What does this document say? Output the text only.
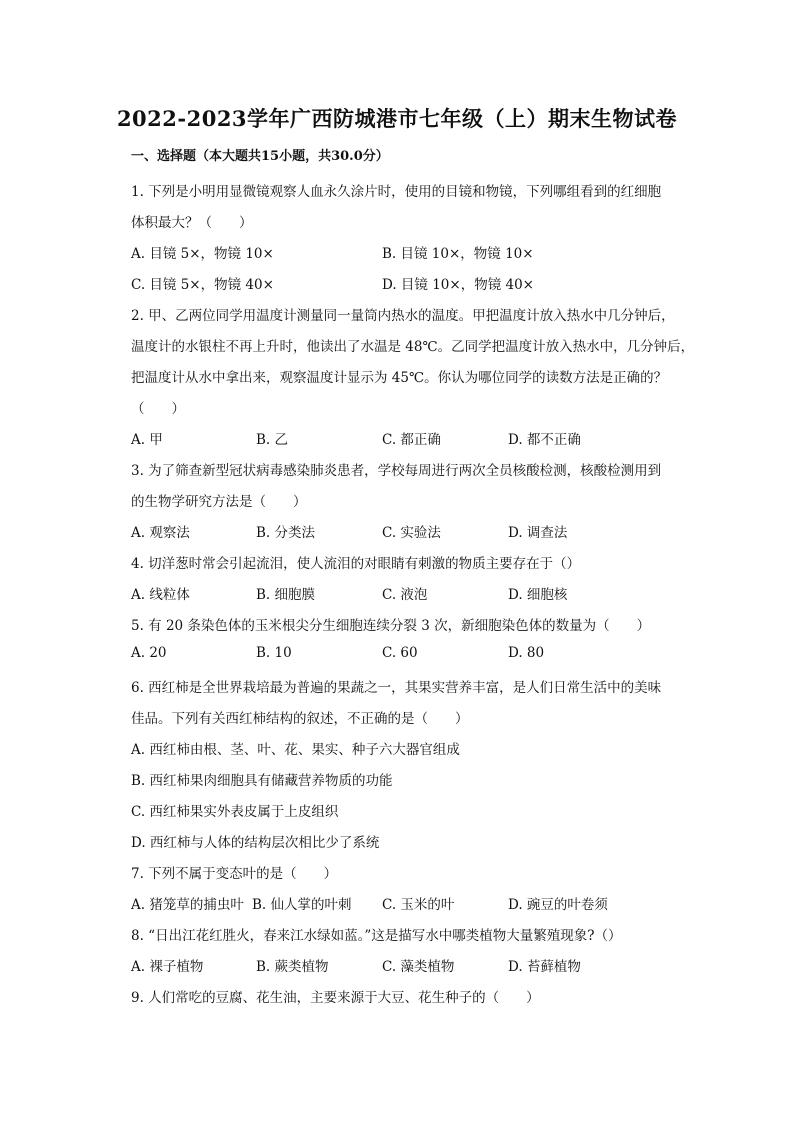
2022-2023学年广西防城港市七年级（上）期末生物试卷
一、选择题（本大题共15小题，共30.0分）
1. 下列是小明用显微镜观察人血永久涂片时，使用的目镜和物镜，下列哪组看到的红细胞
体积最大？（　　）
A. 目镜 5×，物镜 10×	B. 目镜 10×，物镜 10×
C. 目镜 5×，物镜 40×	D. 目镜 10×，物镜 40×
2. 甲、乙两位同学用温度计测量同一量筒内热水的温度。甲把温度计放入热水中几分钟后，
温度计的水银柱不再上升时，他读出了水温是 48℃。乙同学把温度计放入热水中，几分钟后，
把温度计从水中拿出来，观察温度计显示为 45℃。你认为哪位同学的读数方法是正确的？
（　　）
A. 甲	B. 乙	C. 都正确	D. 都不正确
3. 为了筛查新型冠状病毒感染肺炎患者，学校每周进行两次全员核酸检测，核酸检测用到
的生物学研究方法是（　　）
A. 观察法	B. 分类法	C. 实验法	D. 调查法
4. 切洋葱时常会引起流泪，使人流泪的对眼睛有刺激的物质主要存在于（）
A. 线粒体	B. 细胞膜	C. 液泡	D. 细胞核
5. 有 20 条染色体的玉米根尖分生细胞连续分裂 3 次，新细胞染色体的数量为（　　）
A. 20	B. 10	C. 60	D. 80
6. 西红柿是全世界栽培最为普遍的果蔬之一，其果实营养丰富，是人们日常生活中的美味
佳品。下列有关西红柿结构的叙述，不正确的是（　　）
A. 西红柿由根、茎、叶、花、果实、种子六大器官组成
B. 西红柿果肉细胞具有储藏营养物质的功能
C. 西红柿果实外表皮属于上皮组织
D. 西红柿与人体的结构层次相比少了系统
7. 下列不属于变态叶的是（　　）
A. 猪笼草的捕虫叶 B. 仙人掌的叶刺 C. 玉米的叶	D. 豌豆的叶卷须
8. “日出江花红胜火，春来江水绿如蓝。”这是描写水中哪类植物大量繁殖现象?（）
A. 裸子植物	B. 蕨类植物	C. 藻类植物	D. 苔藓植物
9. 人们常吃的豆腐、花生油，主要来源于大豆、花生种子的（　　）
